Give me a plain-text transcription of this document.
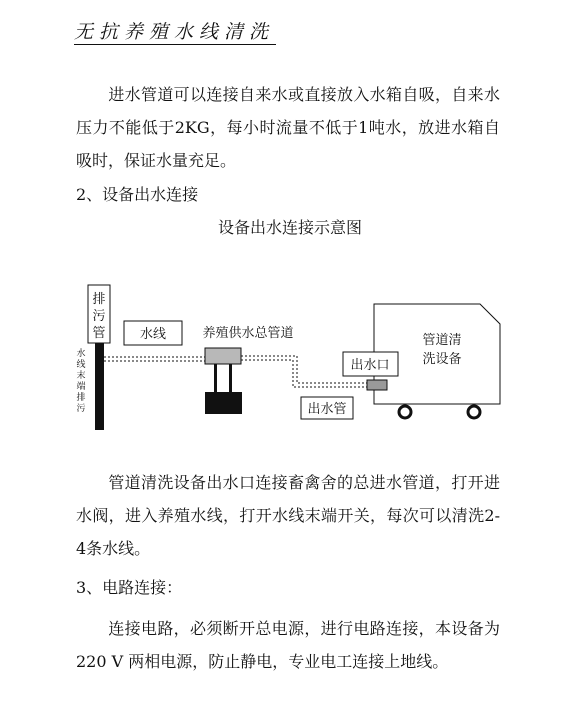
无抗养殖水线清洗

进水管道可以连接自来水或直接放入水箱自吸，自来水压力不能低于2KG，每小时流量不低于1吨水，放进水箱自吸时，保证水量充足。

2、设备出水连接
设备出水连接示意图
排
污
管
水
线
末
端
排
污
水线	养殖供水总管道
出水管
管道清
洗设备
出水口

管道清洗设备出水口连接畜禽舍的总进水管道，打开进水阀，进入养殖水线，打开水线末端开关，每次可以清洗2-4条水线。

3、电路连接：

连接电路，必须断开总电源，进行电路连接，本设备为 220 V 两相电源，防止静电，专业电工连接上地线。
